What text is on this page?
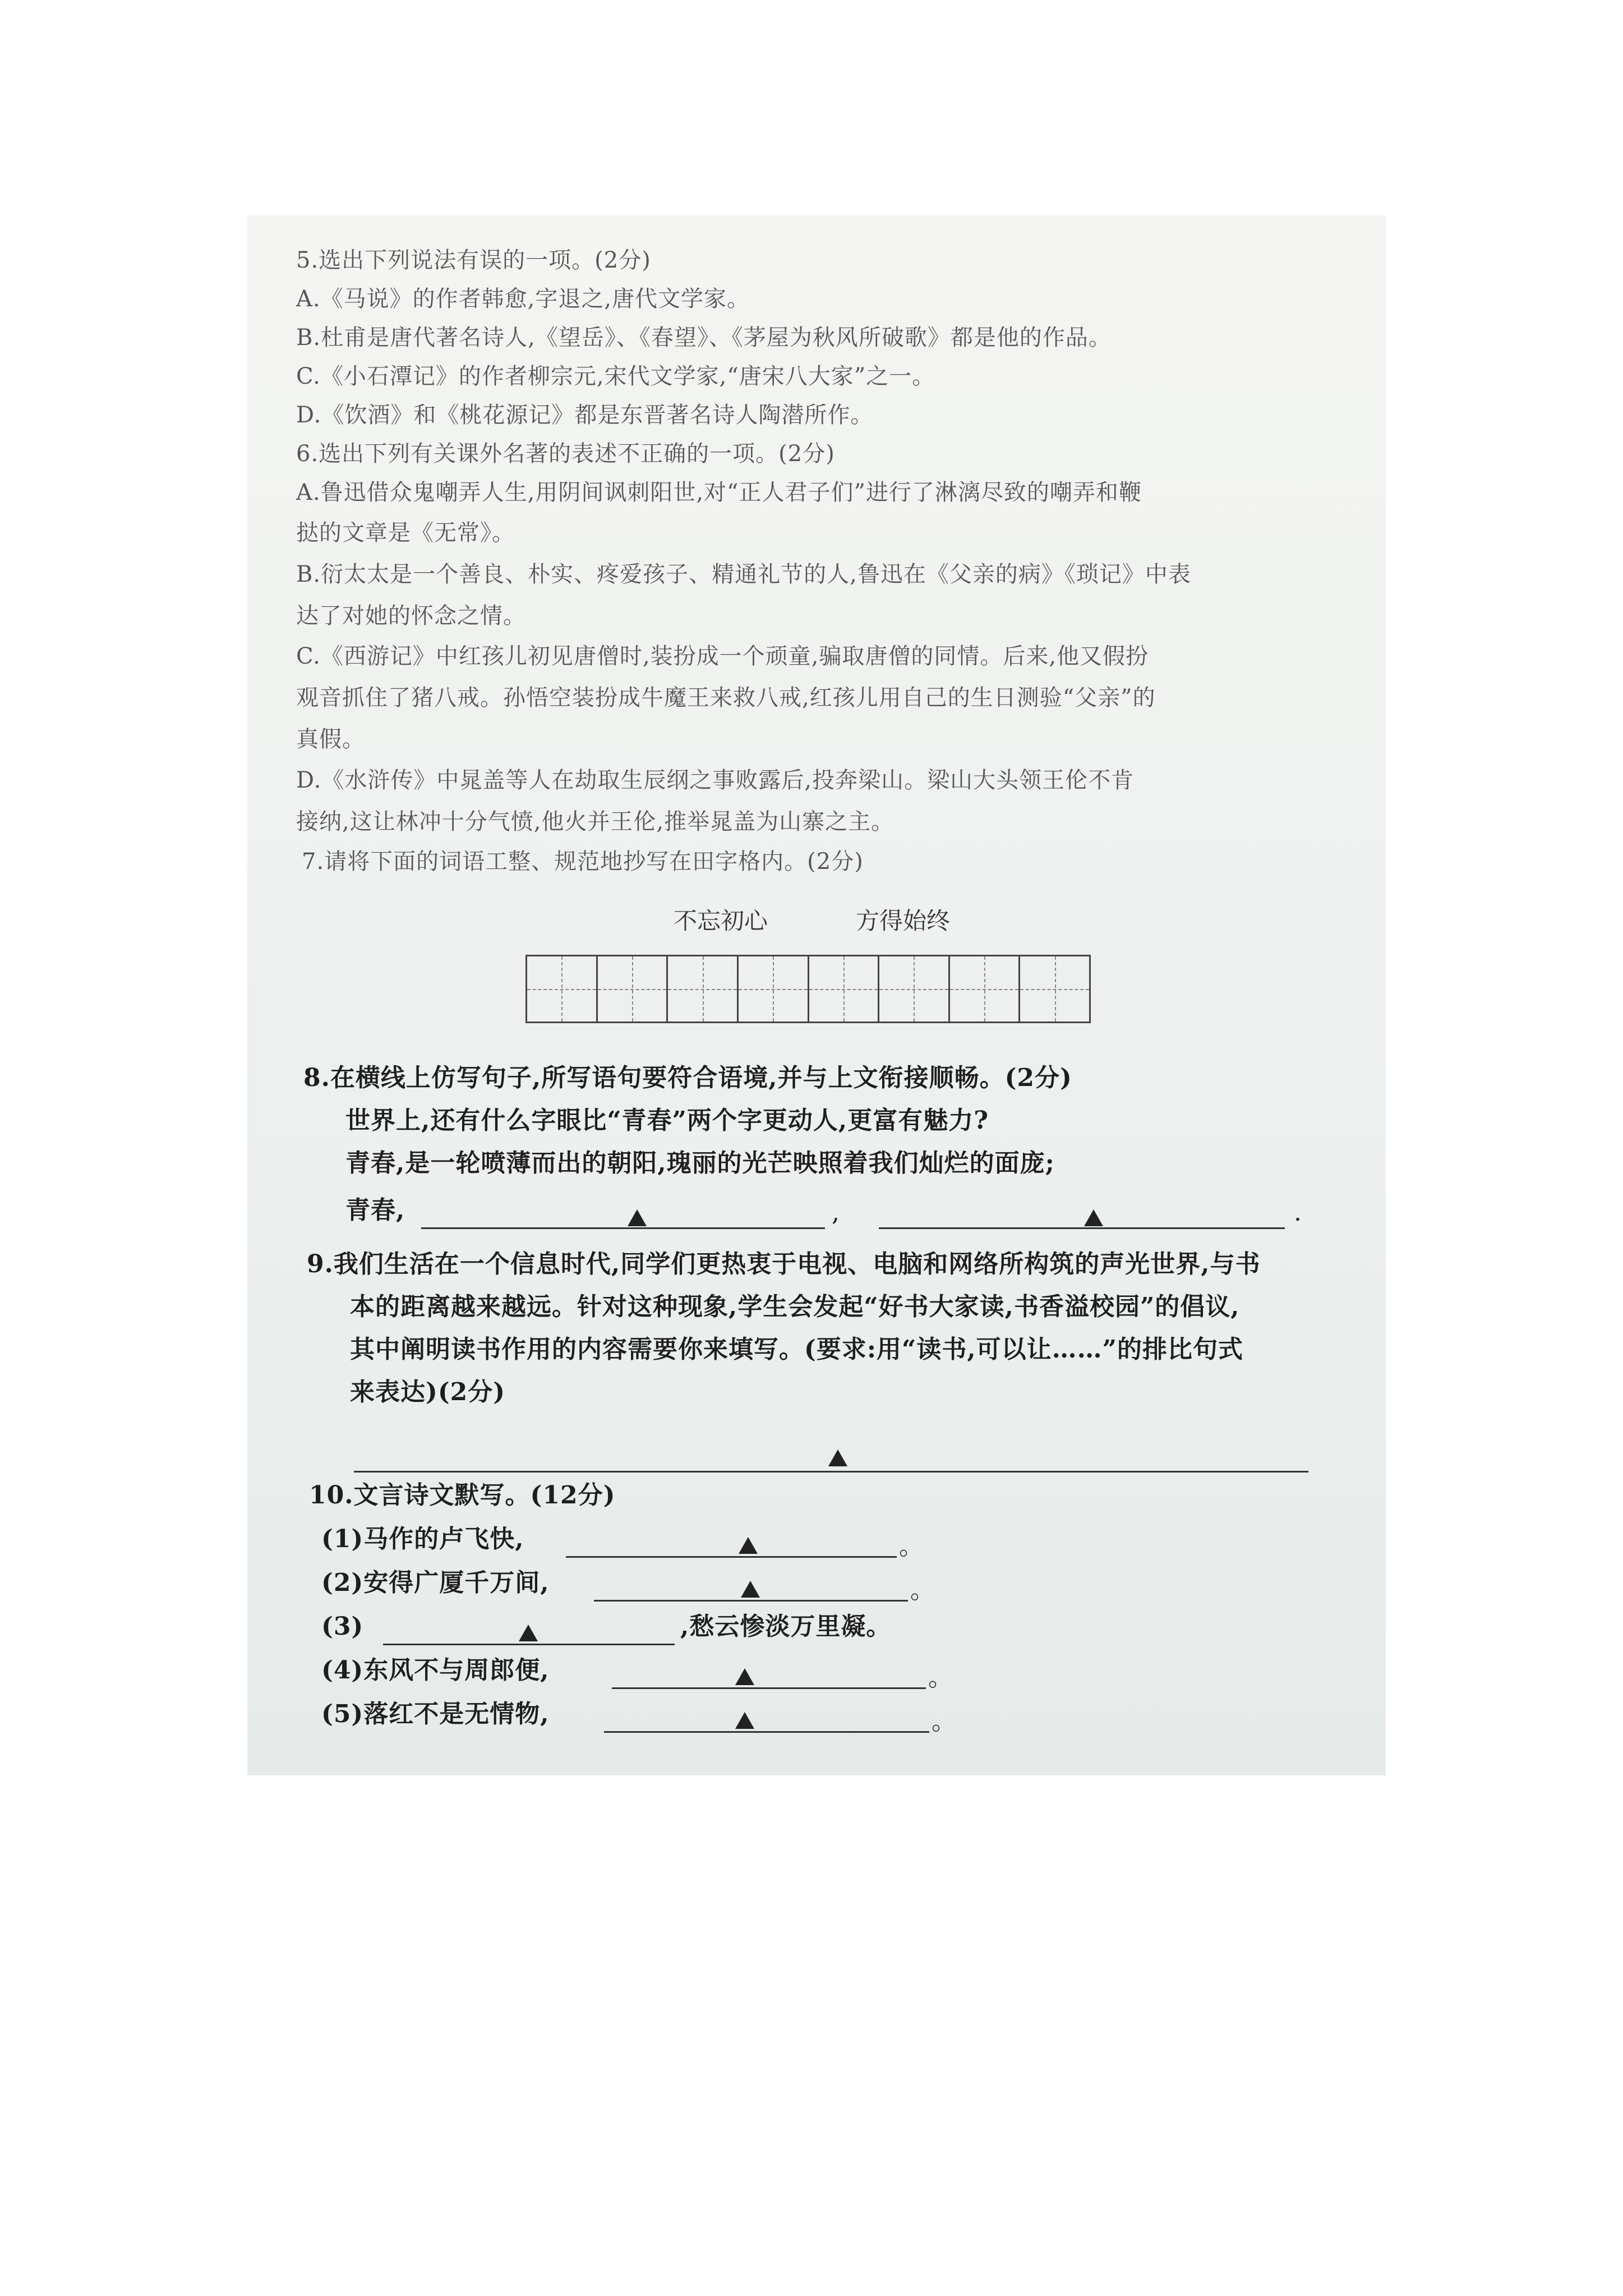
5.选出下列说法有误的一项。(2分)
A.《马说》的作者韩愈,字退之,唐代文学家。
B.杜甫是唐代著名诗人,《望岳》、《春望》、《茅屋为秋风所破歌》都是他的作品。
C.《小石潭记》的作者柳宗元,宋代文学家,“唐宋八大家”之一。
D.《饮酒》和《桃花源记》都是东晋著名诗人陶潜所作。
6.选出下列有关课外名著的表述不正确的一项。(2分)
A.鲁迅借众鬼嘲弄人生,用阴间讽刺阳世,对“正人君子们”进行了淋漓尽致的嘲弄和鞭
挞的文章是《无常》。
B.衍太太是一个善良、朴实、疼爱孩子、精通礼节的人,鲁迅在《父亲的病》《琐记》中表
达了对她的怀念之情。
C.《西游记》中红孩儿初见唐僧时,装扮成一个顽童,骗取唐僧的同情。后来,他又假扮
观音抓住了猪八戒。孙悟空装扮成牛魔王来救八戒,红孩儿用自己的生日测验“父亲”的
真假。
D.《水浒传》中晁盖等人在劫取生辰纲之事败露后,投奔梁山。梁山大头领王伦不肯
接纳,这让林冲十分气愤,他火并王伦,推举晁盖为山寨之主。
7.请将下面的词语工整、规范地抄写在田字格内。(2分)
不忘初心	方得始终
8.在横线上仿写句子,所写语句要符合语境,并与上文衔接顺畅。(2分)
世界上,还有什么字眼比“青春”两个字更动人,更富有魅力?
青春,是一轮喷薄而出的朝阳,瑰丽的光芒映照着我们灿烂的面庞;
青春,	,	.
9.我们生活在一个信息时代,同学们更热衷于电视、电脑和网络所构筑的声光世界,与书
本的距离越来越远。针对这种现象,学生会发起“好书大家读,书香溢校园”的倡议,
其中阐明读书作用的内容需要你来填写。(要求:用“读书,可以让……”的排比句式
来表达)(2分)
10.文言诗文默写。(12分)
(1)马作的卢飞快,	。
(2)安得广厦千万间,	。
(3)	,愁云惨淡万里凝。
(4)东风不与周郎便,	。
(5)落红不是无情物,	。
